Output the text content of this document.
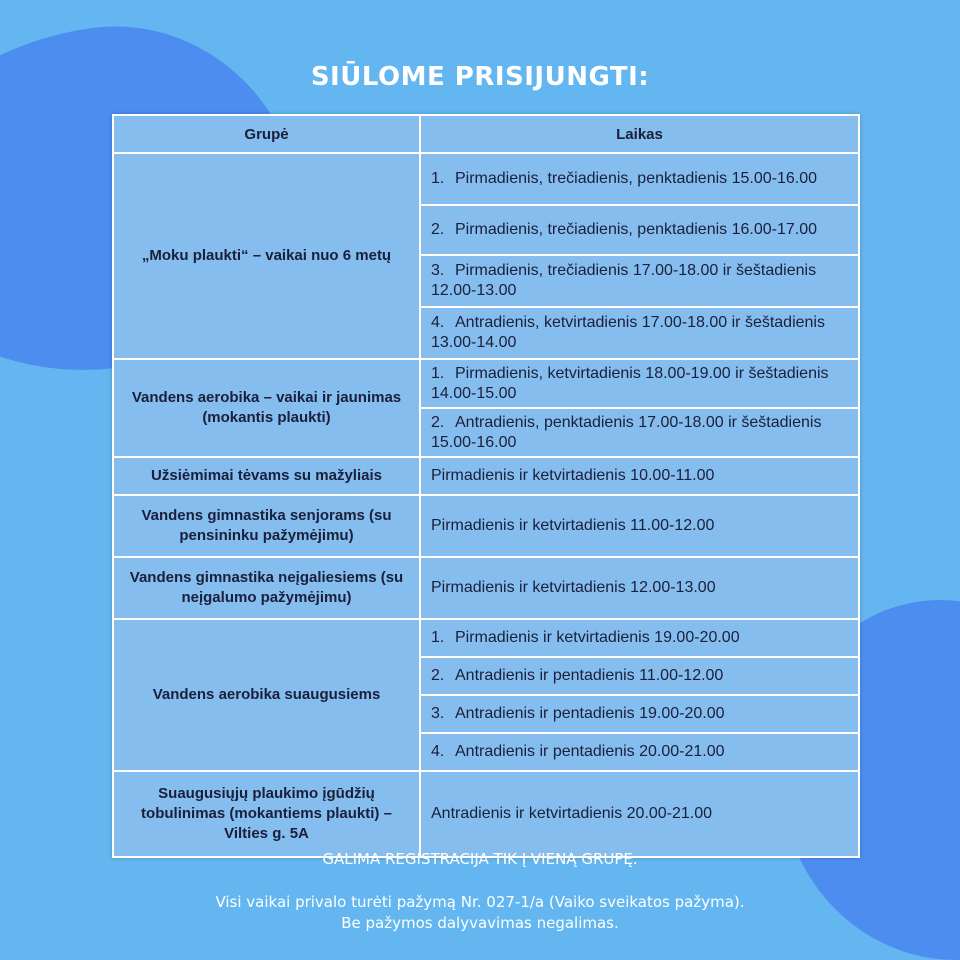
SIŪLOME PRISIJUNGTI:
Grupė	Laikas
„Moku plaukti“ – vaikai nuo 6 metų	1. Pirmadienis, trečiadienis, penktadienis 15.00-16.00
	2. Pirmadienis, trečiadienis, penktadienis 16.00-17.00
	3. Pirmadienis, trečiadienis 17.00-18.00 ir šeštadienis 12.00-13.00
	4. Antradienis, ketvirtadienis 17.00-18.00 ir šeštadienis 13.00-14.00
Vandens aerobika – vaikai ir jaunimas (mokantis plaukti)	1. Pirmadienis, ketvirtadienis 18.00-19.00 ir šeštadienis 14.00-15.00
	2. Antradienis, penktadienis 17.00-18.00 ir šeštadienis 15.00-16.00
Užsiėmimai tėvams su mažyliais	Pirmadienis ir ketvirtadienis 10.00-11.00
Vandens gimnastika senjorams (su pensininku pažymėjimu)	Pirmadienis ir ketvirtadienis 11.00-12.00
Vandens gimnastika neįgaliesiems (su neįgalumo pažymėjimu)	Pirmadienis ir ketvirtadienis 12.00-13.00
Vandens aerobika suaugusiems	1. Pirmadienis ir ketvirtadienis 19.00-20.00
	2. Antradienis ir pentadienis 11.00-12.00
	3. Antradienis ir pentadienis 19.00-20.00
	4. Antradienis ir pentadienis 20.00-21.00
Suaugusiųjų plaukimo įgūdžių tobulinimas (mokantiems plaukti) – Vilties g. 5A	Antradienis ir ketvirtadienis 20.00-21.00
GALIMA REGISTRACIJA TIK Į VIENĄ GRUPĘ.
Visi vaikai privalo turėti pažymą Nr. 027-1/a (Vaiko sveikatos pažyma).
Be pažymos dalyvavimas negalimas.
